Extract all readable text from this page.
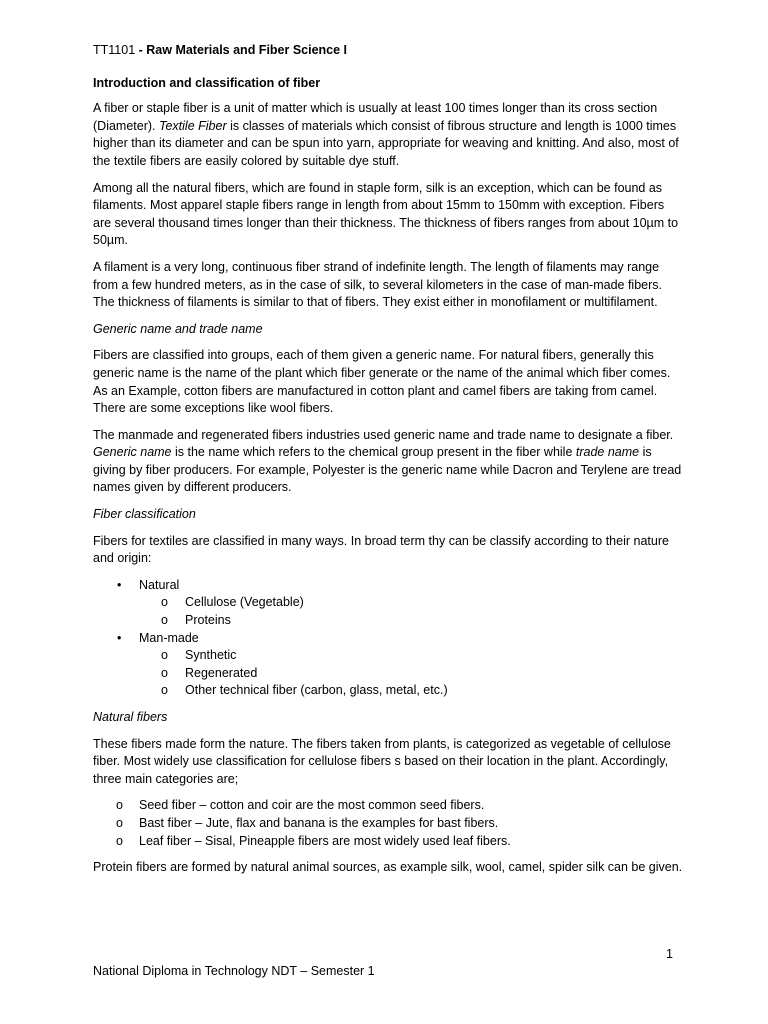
TT1101 - Raw Materials and Fiber Science I

Introduction and classification of fiber

A fiber or staple fiber is a unit of matter which is usually at least 100 times longer than its cross section (Diameter). Textile Fiber is classes of materials which consist of fibrous structure and length is 1000 times higher than its diameter and can be spun into yarn, appropriate for weaving and knitting. And also, most of the textile fibers are easily colored by suitable dye stuff.

Among all the natural fibers, which are found in staple form, silk is an exception, which can be found as filaments. Most apparel staple fibers range in length from about 15mm to 150mm with exception. Fibers are several thousand times longer than their thickness. The thickness of fibers ranges from about 10µm to 50µm.

A filament is a very long, continuous fiber strand of indefinite length. The length of filaments may range from a few hundred meters, as in the case of silk, to several kilometers in the case of man-made fibers. The thickness of filaments is similar to that of fibers. They exist either in monofilament or multifilament.

Generic name and trade name

Fibers are classified into groups, each of them given a generic name. For natural fibers, generally this generic name is the name of the plant which fiber generate or the name of the animal which fiber comes. As an Example, cotton fibers are manufactured in cotton plant and camel fibers are taking from camel. There are some exceptions like wool fibers.

The manmade and regenerated fibers industries used generic name and trade name to designate a fiber. Generic name is the name which refers to the chemical group present in the fiber while trade name is giving by fiber producers. For example, Polyester is the generic name while Dacron and Terylene are tread names given by different producers.

Fiber classification

Fibers for textiles are classified in many ways. In broad term thy can be classify according to their nature and origin:

• Natural
o Cellulose (Vegetable)
o Proteins
• Man-made
o Synthetic
o Regenerated
o Other technical fiber (carbon, glass, metal, etc.)

Natural fibers

These fibers made form the nature. The fibers taken from plants, is categorized as vegetable of cellulose fiber. Most widely use classification for cellulose fibers s based on their location in the plant. Accordingly, three main categories are;

o Seed fiber – cotton and coir are the most common seed fibers.
o Bast fiber – Jute, flax and banana is the examples for bast fibers.
o Leaf fiber – Sisal, Pineapple fibers are most widely used leaf fibers.

Protein fibers are formed by natural animal sources, as example silk, wool, camel, spider silk can be given.

1
National Diploma in Technology NDT – Semester 1
